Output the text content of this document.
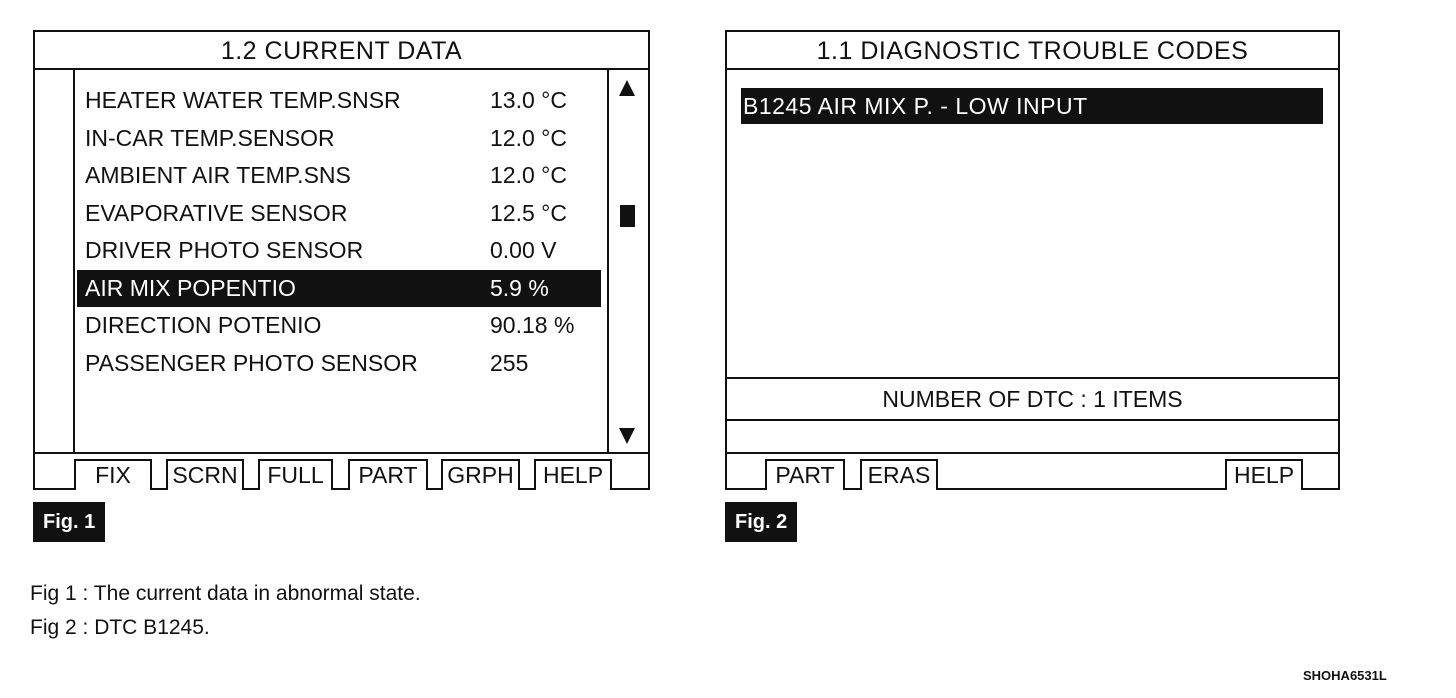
1.2 CURRENT DATA
HEATER WATER TEMP.SNSR	13.0 °C
IN-CAR TEMP.SENSOR	12.0 °C
AMBIENT AIR TEMP.SNS	12.0 °C
EVAPORATIVE SENSOR	12.5 °C
DRIVER PHOTO SENSOR	0.00 V
AIR MIX POPENTIO	5.9 %
DIRECTION POTENIO	90.18 %
PASSENGER PHOTO SENSOR	255
FIX	SCRN	FULL	PART	GRPH	HELP
1.1 DIAGNOSTIC TROUBLE CODES
B1245 AIR MIX P. - LOW INPUT
NUMBER OF DTC : 1 ITEMS
PART	ERAS	HELP
Fig. 1	Fig. 2
Fig 1 : The current data in abnormal state.
Fig 2 : DTC B1245.
SHOHA6531L
